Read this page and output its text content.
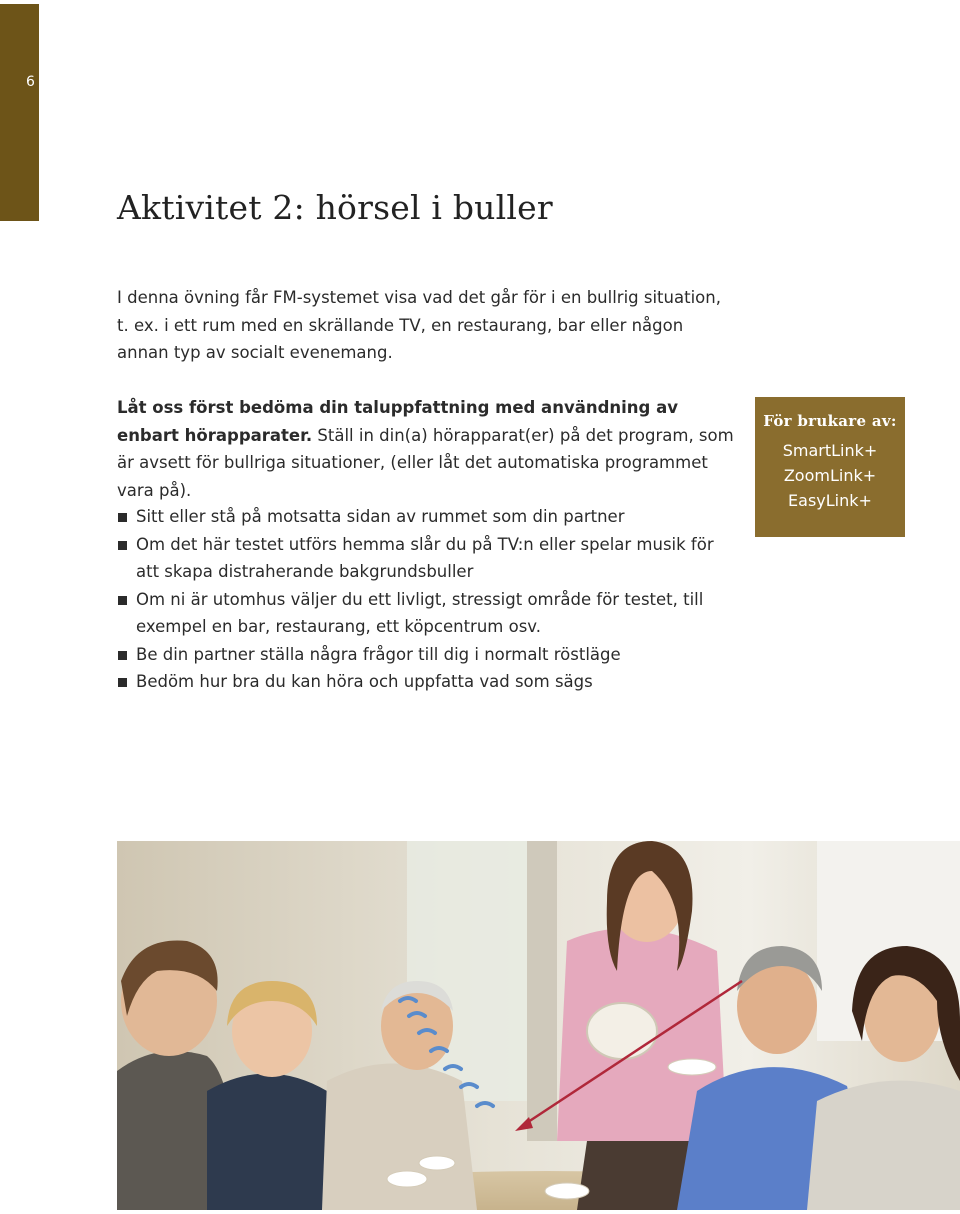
6
Aktivitet 2: hörsel i buller

I denna övning får FM-systemet visa vad det går för i en bullrig situation, t. ex. i ett rum med en skrällande TV, en restaurang, bar eller någon annan typ av socialt evenemang.

Låt oss först bedöma din taluppfattning med användning av enbart hörapparater. Ställ in din(a) hörapparat(er) på det program, som är avsett för bullriga situationer, (eller låt det automatiska programmet vara på).

Sitt eller stå på motsatta sidan av rummet som din partner
Om det här testet utförs hemma slår du på TV:n eller spelar musik för att skapa distraherande bakgrundsbuller
Om ni är utomhus väljer du ett livligt, stressigt område för testet, till exempel en bar, restaurang, ett köpcentrum osv.
Be din partner ställa några frågor till dig i normalt röstläge
Bedöm hur bra du kan höra och uppfatta vad som sägs
För brukare av:
SmartLink+
ZoomLink+
EasyLink+
